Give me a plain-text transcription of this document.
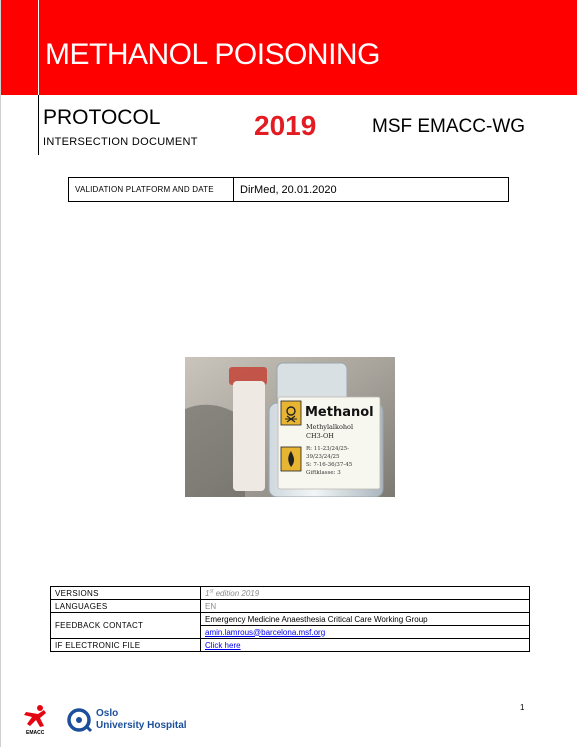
METHANOL POISONING
PROTOCOL
INTERSECTION DOCUMENT
2019	MSF EMACC-WG
VALIDATION PLATFORM AND DATE	DirMed, 20.01.2020
Methanol
Methylalkohol
CH3-OH
R: 11-23/24/25-
39/23/24/25
S: 7-16-36/37-45
Giftklasse: 3
VERSIONS	1st edition 2019
LANGUAGES	EN
FEEDBACK CONTACT	Emergency Medicine Anaesthesia Critical Care Working Group
	amin.lamrous@barcelona.msf.org
IF ELECTRONIC FILE	Click here
1
EMACC
Oslo
University Hospital
